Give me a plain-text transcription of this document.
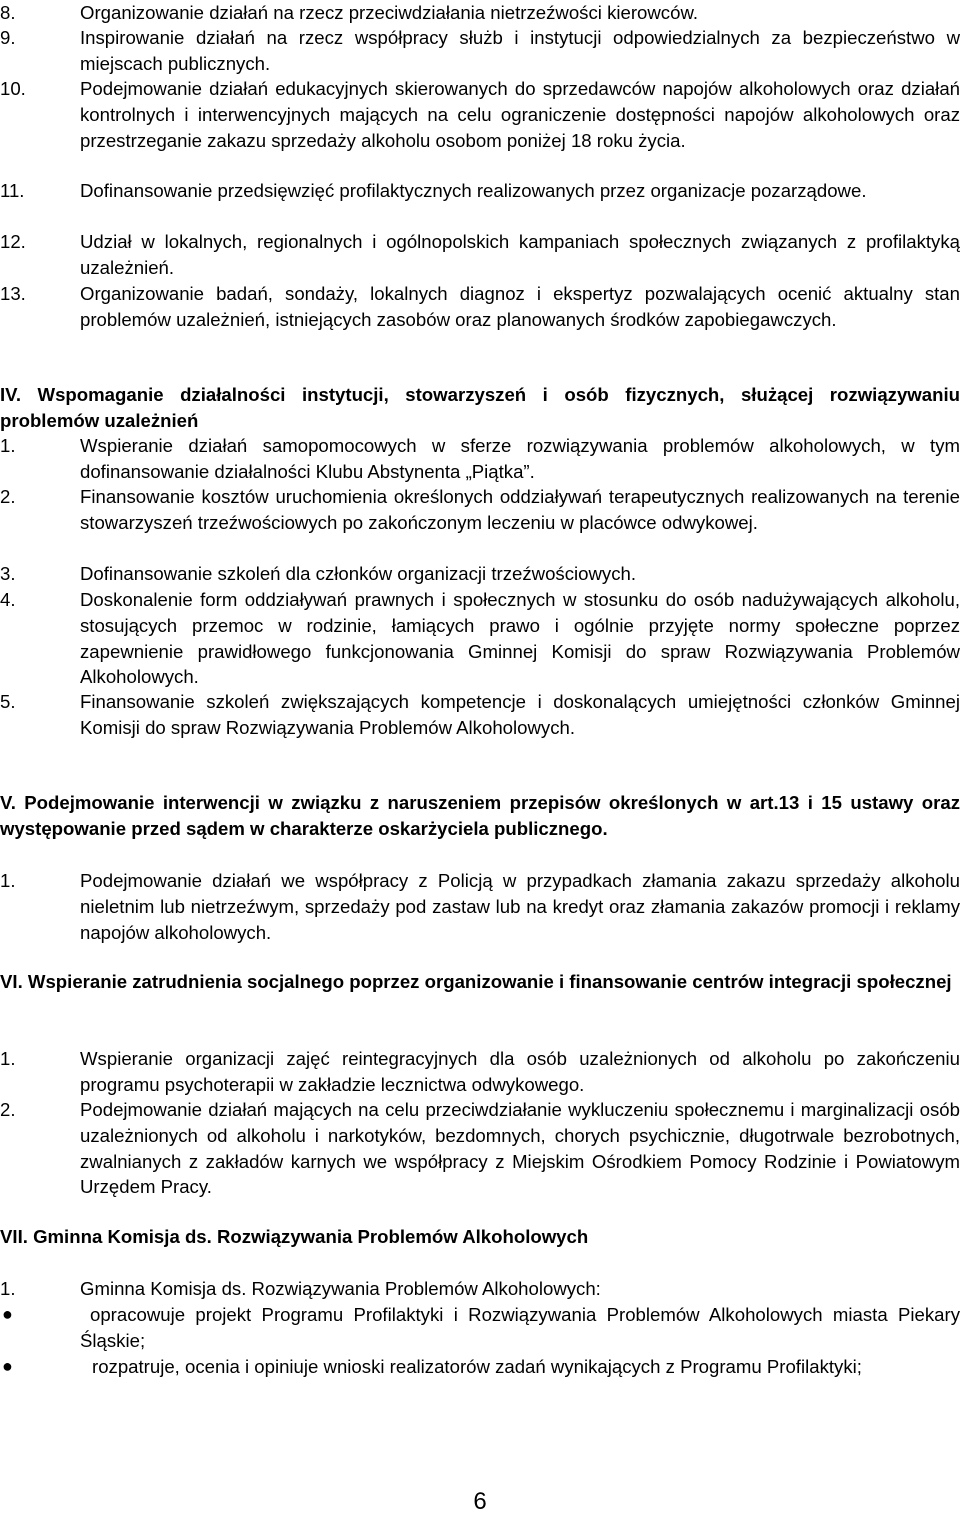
8.	Organizowanie działań na rzecz przeciwdziałania nietrzeźwości kierowców.
9.	Inspirowanie działań na rzecz współpracy służb i instytucji odpowiedzialnych za bezpieczeństwo w miejscach publicznych.
10.	Podejmowanie działań edukacyjnych skierowanych do sprzedawców napojów alkoholowych oraz działań kontrolnych i interwencyjnych mających na celu ograniczenie dostępności napojów alkoholowych oraz przestrzeganie zakazu sprzedaży alkoholu osobom poniżej 18 roku życia.
11.	Dofinansowanie przedsięwzięć profilaktycznych realizowanych przez organizacje pozarządowe.
12.	Udział w lokalnych, regionalnych i ogólnopolskich kampaniach społecznych związanych z profilaktyką uzależnień.
13.	Organizowanie badań, sondaży, lokalnych diagnoz i ekspertyz pozwalających ocenić aktualny stan problemów uzależnień, istniejących zasobów oraz planowanych środków zapobiegawczych.
IV. Wspomaganie działalności instytucji, stowarzyszeń i osób fizycznych, służącej rozwiązywaniu problemów uzależnień
1.	Wspieranie działań samopomocowych w sferze rozwiązywania problemów alkoholowych, w tym dofinansowanie działalności Klubu Abstynenta „Piątka”.
2.	Finansowanie kosztów uruchomienia określonych oddziaływań terapeutycznych realizowanych na terenie stowarzyszeń trzeźwościowych po zakończonym leczeniu w placówce odwykowej.
3.	Dofinansowanie szkoleń dla członków organizacji trzeźwościowych.
4.	Doskonalenie form oddziaływań prawnych i społecznych w stosunku do osób nadużywających alkoholu, stosujących przemoc w rodzinie, łamiących prawo i ogólnie przyjęte normy społeczne poprzez zapewnienie prawidłowego funkcjonowania Gminnej Komisji do spraw Rozwiązywania Problemów Alkoholowych.
5.	Finansowanie szkoleń zwiększających kompetencje i doskonalących umiejętności członków Gminnej Komisji do spraw Rozwiązywania Problemów Alkoholowych.
V. Podejmowanie interwencji w związku z naruszeniem przepisów określonych w art.13 i 15 ustawy oraz występowanie przed sądem w charakterze oskarżyciela publicznego.
1.	Podejmowanie działań we współpracy z Policją w przypadkach złamania zakazu sprzedaży alkoholu nieletnim lub nietrzeźwym, sprzedaży pod zastaw lub na kredyt oraz złamania zakazów promocji i reklamy napojów alkoholowych.
VI. Wspieranie zatrudnienia socjalnego poprzez organizowanie i finansowanie centrów integracji społecznej
1.	Wspieranie organizacji zajęć reintegracyjnych dla osób uzależnionych od alkoholu po zakończeniu programu psychoterapii w zakładzie lecznictwa odwykowego.
2.	Podejmowanie działań mających na celu przeciwdziałanie wykluczeniu społecznemu i marginalizacji osób uzależnionych od alkoholu i narkotyków, bezdomnych, chorych psychicznie, długotrwale bezrobotnych, zwalnianych z zakładów karnych we współpracy z Miejskim Ośrodkiem Pomocy Rodzinie i Powiatowym Urzędem Pracy.
VII. Gminna Komisja ds. Rozwiązywania Problemów Alkoholowych
1.	Gminna Komisja ds. Rozwiązywania Problemów Alkoholowych:
●	opracowuje projekt Programu Profilaktyki i Rozwiązywania Problemów Alkoholowych miasta Piekary Śląskie;
●	rozpatruje, ocenia i opiniuje wnioski realizatorów zadań wynikających z Programu Profilaktyki;
6
